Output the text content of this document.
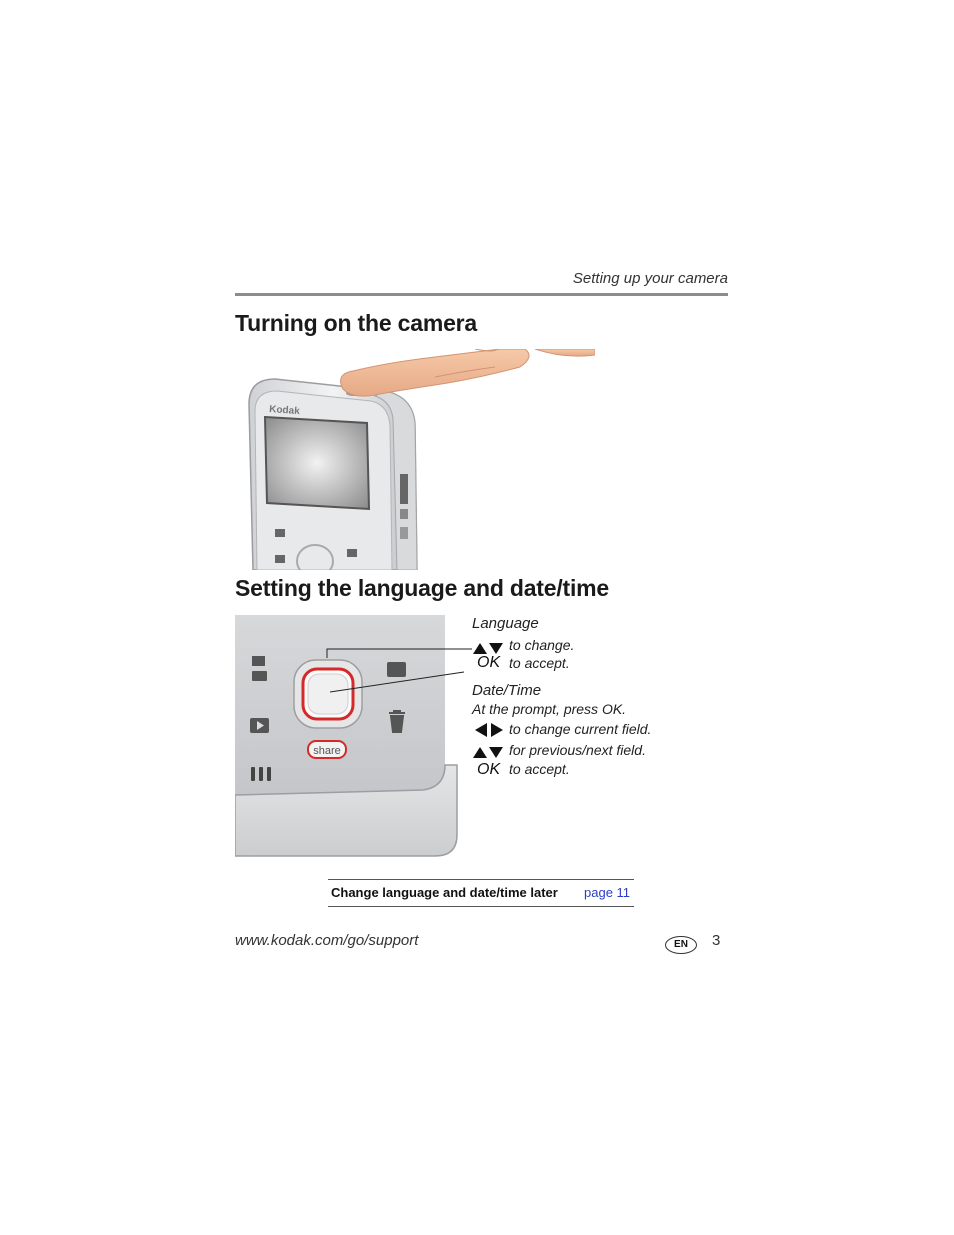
Setting up your camera
Turning on the camera
Kodak
Setting the language and date/time
share
Language
to change.
OK to accept.
Date/Time
At the prompt, press OK.
to change current field.
for previous/next field.
OK to accept.
Change language and date/time later page 11
www.kodak.com/go/support	EN	3
